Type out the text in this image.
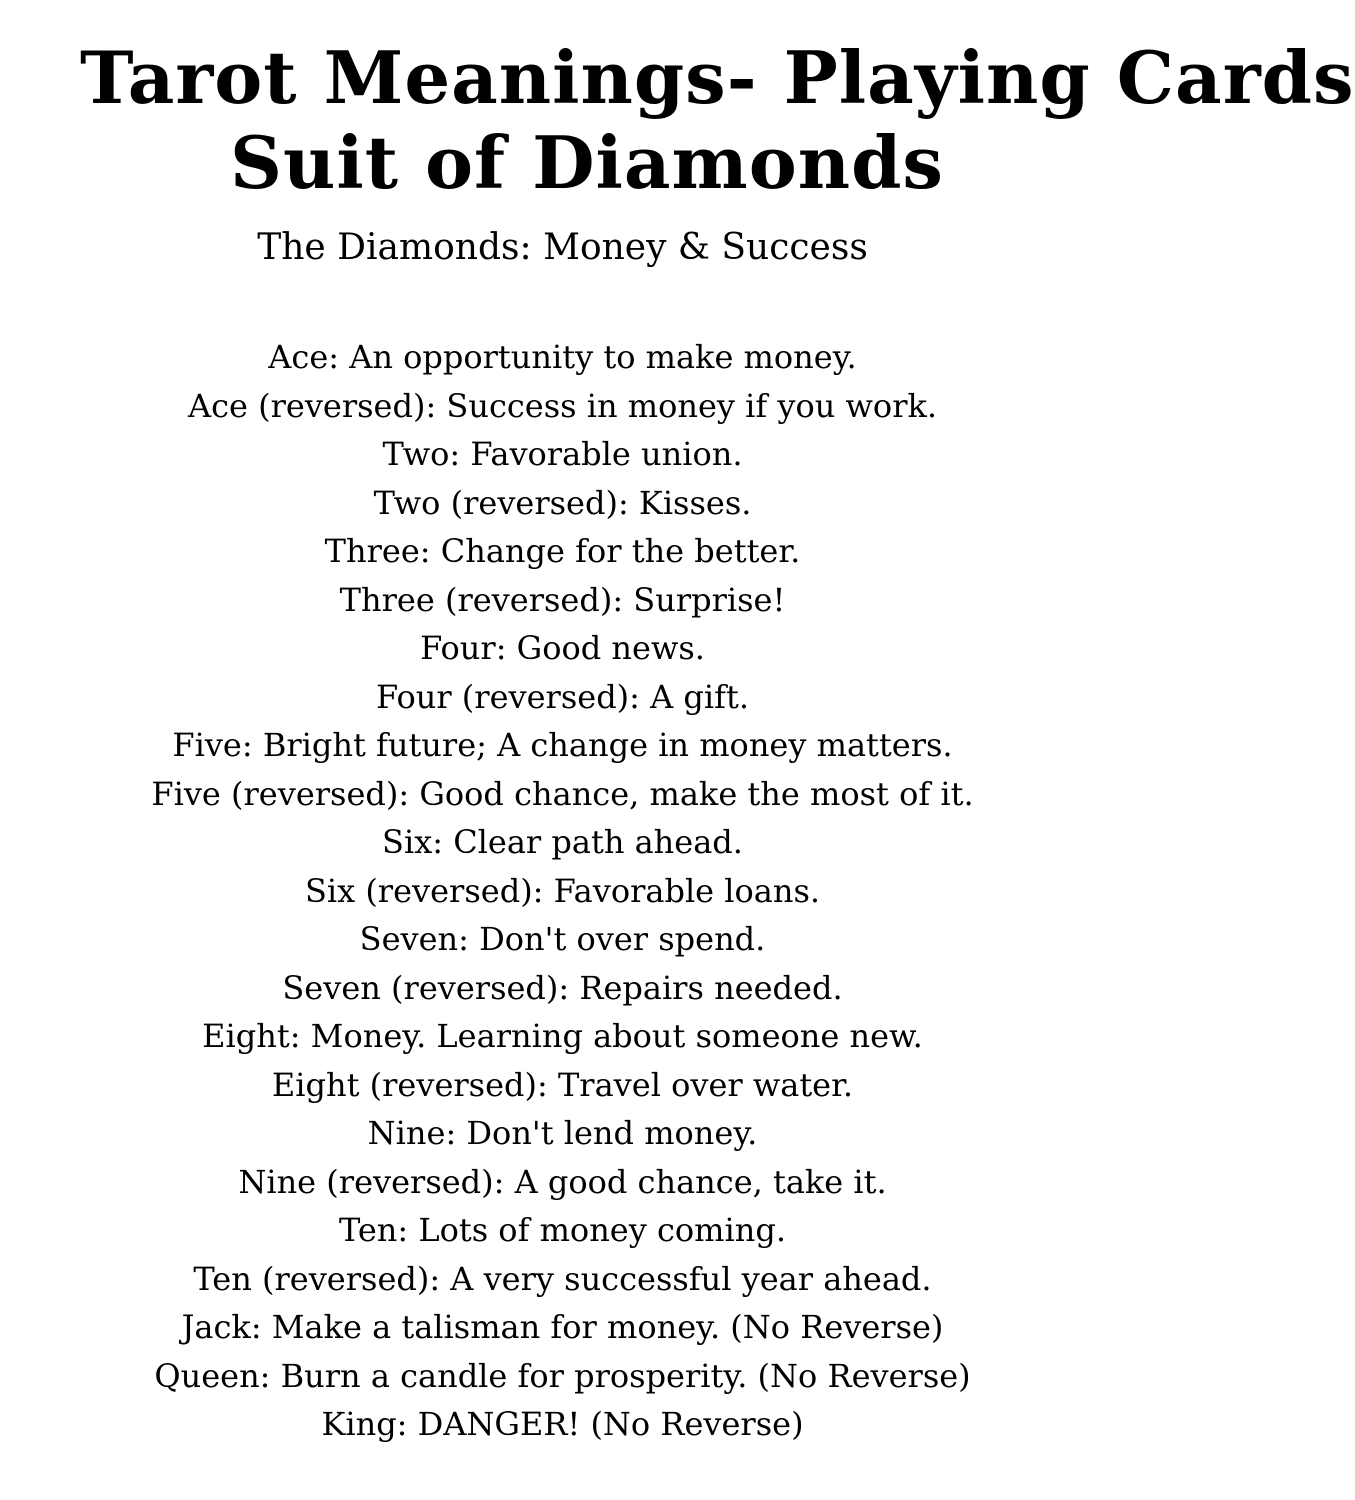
Tarot Meanings- Playing Cards
Suit of Diamonds
The Diamonds: Money & Success
Ace: An opportunity to make money.
Ace (reversed): Success in money if you work.
Two: Favorable union.
Two (reversed): Kisses.
Three: Change for the better.
Three (reversed): Surprise!
Four: Good news.
Four (reversed): A gift.
Five: Bright future; A change in money matters.
Five (reversed): Good chance, make the most of it.
Six: Clear path ahead.
Six (reversed): Favorable loans.
Seven: Don't over spend.
Seven (reversed): Repairs needed.
Eight: Money. Learning about someone new.
Eight (reversed): Travel over water.
Nine: Don't lend money.
Nine (reversed): A good chance, take it.
Ten: Lots of money coming.
Ten (reversed): A very successful year ahead.
Jack: Make a talisman for money. (No Reverse)
Queen: Burn a candle for prosperity. (No Reverse)
King: DANGER! (No Reverse)
